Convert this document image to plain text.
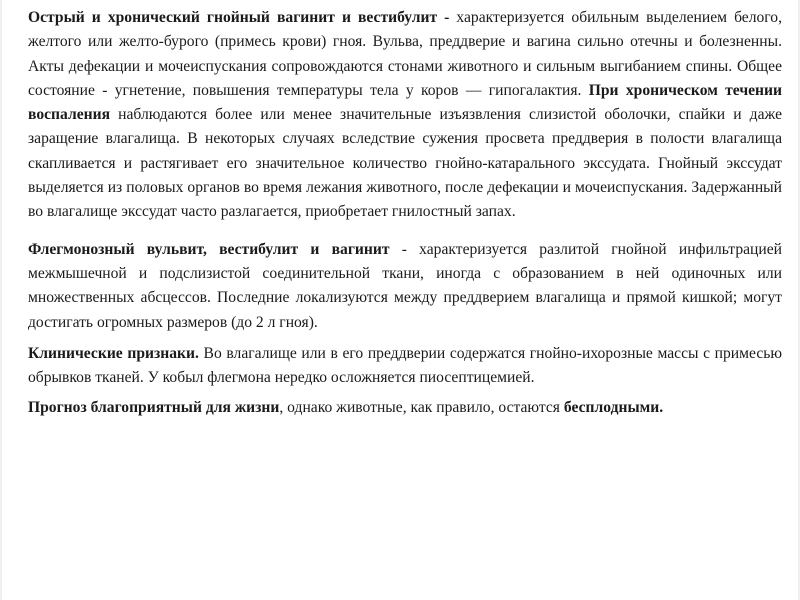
Острый и хронический гнойный вагинит и вестибулит - характеризуется обильным выделением белого, желтого или желто-бурого (примесь крови) гноя. Вульва, преддверие и вагина сильно отечны и болезненны. Акты дефекации и мочеиспускания сопровождаются стонами животного и сильным выгибанием спины. Общее состояние - угнетение, повышения температуры тела у коров — гипогалактия. При хроническом течении воспаления наблюдаются более или менее значительные изъязвления слизистой оболочки, спайки и даже заращение влагалища. В некоторых случаях вследствие сужения просвета преддверия в полости влагалища скапливается и растягивает его значительное количество гнойно-катарального экссудата. Гнойный экссудат выделяется из половых органов во время лежания животного, после дефекации и мочеиспускания. Задержанный во влагалище экссудат часто разлагается, приобретает гнилостный запах.

Флегмонозный вульвит, вестибулит и вагинит - характеризуется разлитой гнойной инфильтрацией межмышечной и подслизистой соединительной ткани, иногда с образованием в ней одиночных или множественных абсцессов. Последние локализуются между преддверием влагалища и прямой кишкой; могут достигать огромных размеров (до 2 л гноя).

Клинические признаки. Во влагалище или в его преддверии содержатся гнойно-ихорозные массы с примесью обрывков тканей. У кобыл флегмона нередко осложняется пиосептицемией.

Прогноз благоприятный для жизни, однако животные, как правило, остаются бесплодными.
